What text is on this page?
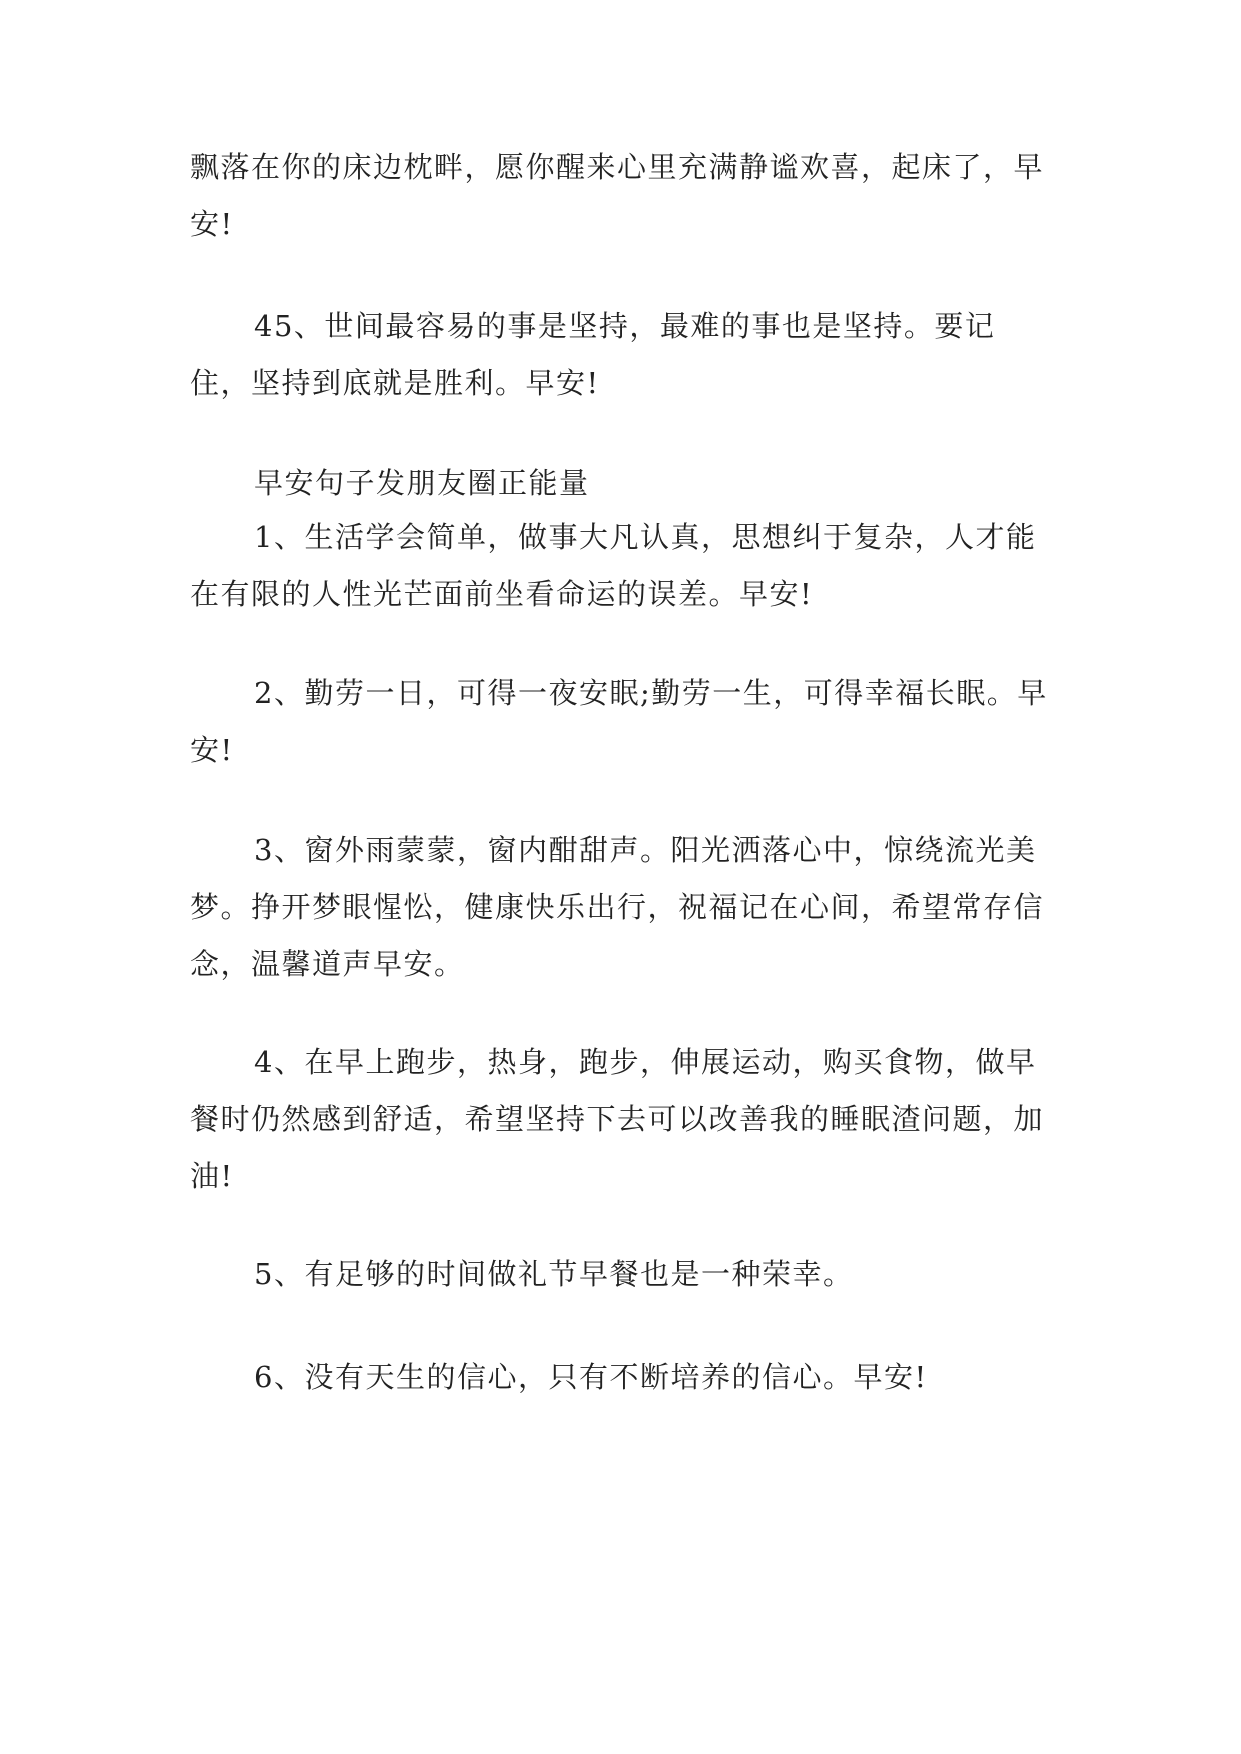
飘落在你的床边枕畔，愿你醒来心里充满静谧欢喜，起床了，早安!

45、世间最容易的事是坚持，最难的事也是坚持。要记住，坚持到底就是胜利。早安!

早安句子发朋友圈正能量

1、生活学会简单，做事大凡认真，思想纠于复杂，人才能在有限的人性光芒面前坐看命运的误差。早安!

2、勤劳一日，可得一夜安眠;勤劳一生，可得幸福长眠。早安!

3、窗外雨蒙蒙，窗内酣甜声。阳光洒落心中，惊绕流光美梦。挣开梦眼惺忪，健康快乐出行，祝福记在心间，希望常存信念，温馨道声早安。

4、在早上跑步，热身，跑步，伸展运动，购买食物，做早餐时仍然感到舒适，希望坚持下去可以改善我的睡眠渣问题，加油!

5、有足够的时间做礼节早餐也是一种荣幸。

6、没有天生的信心，只有不断培养的信心。早安!
